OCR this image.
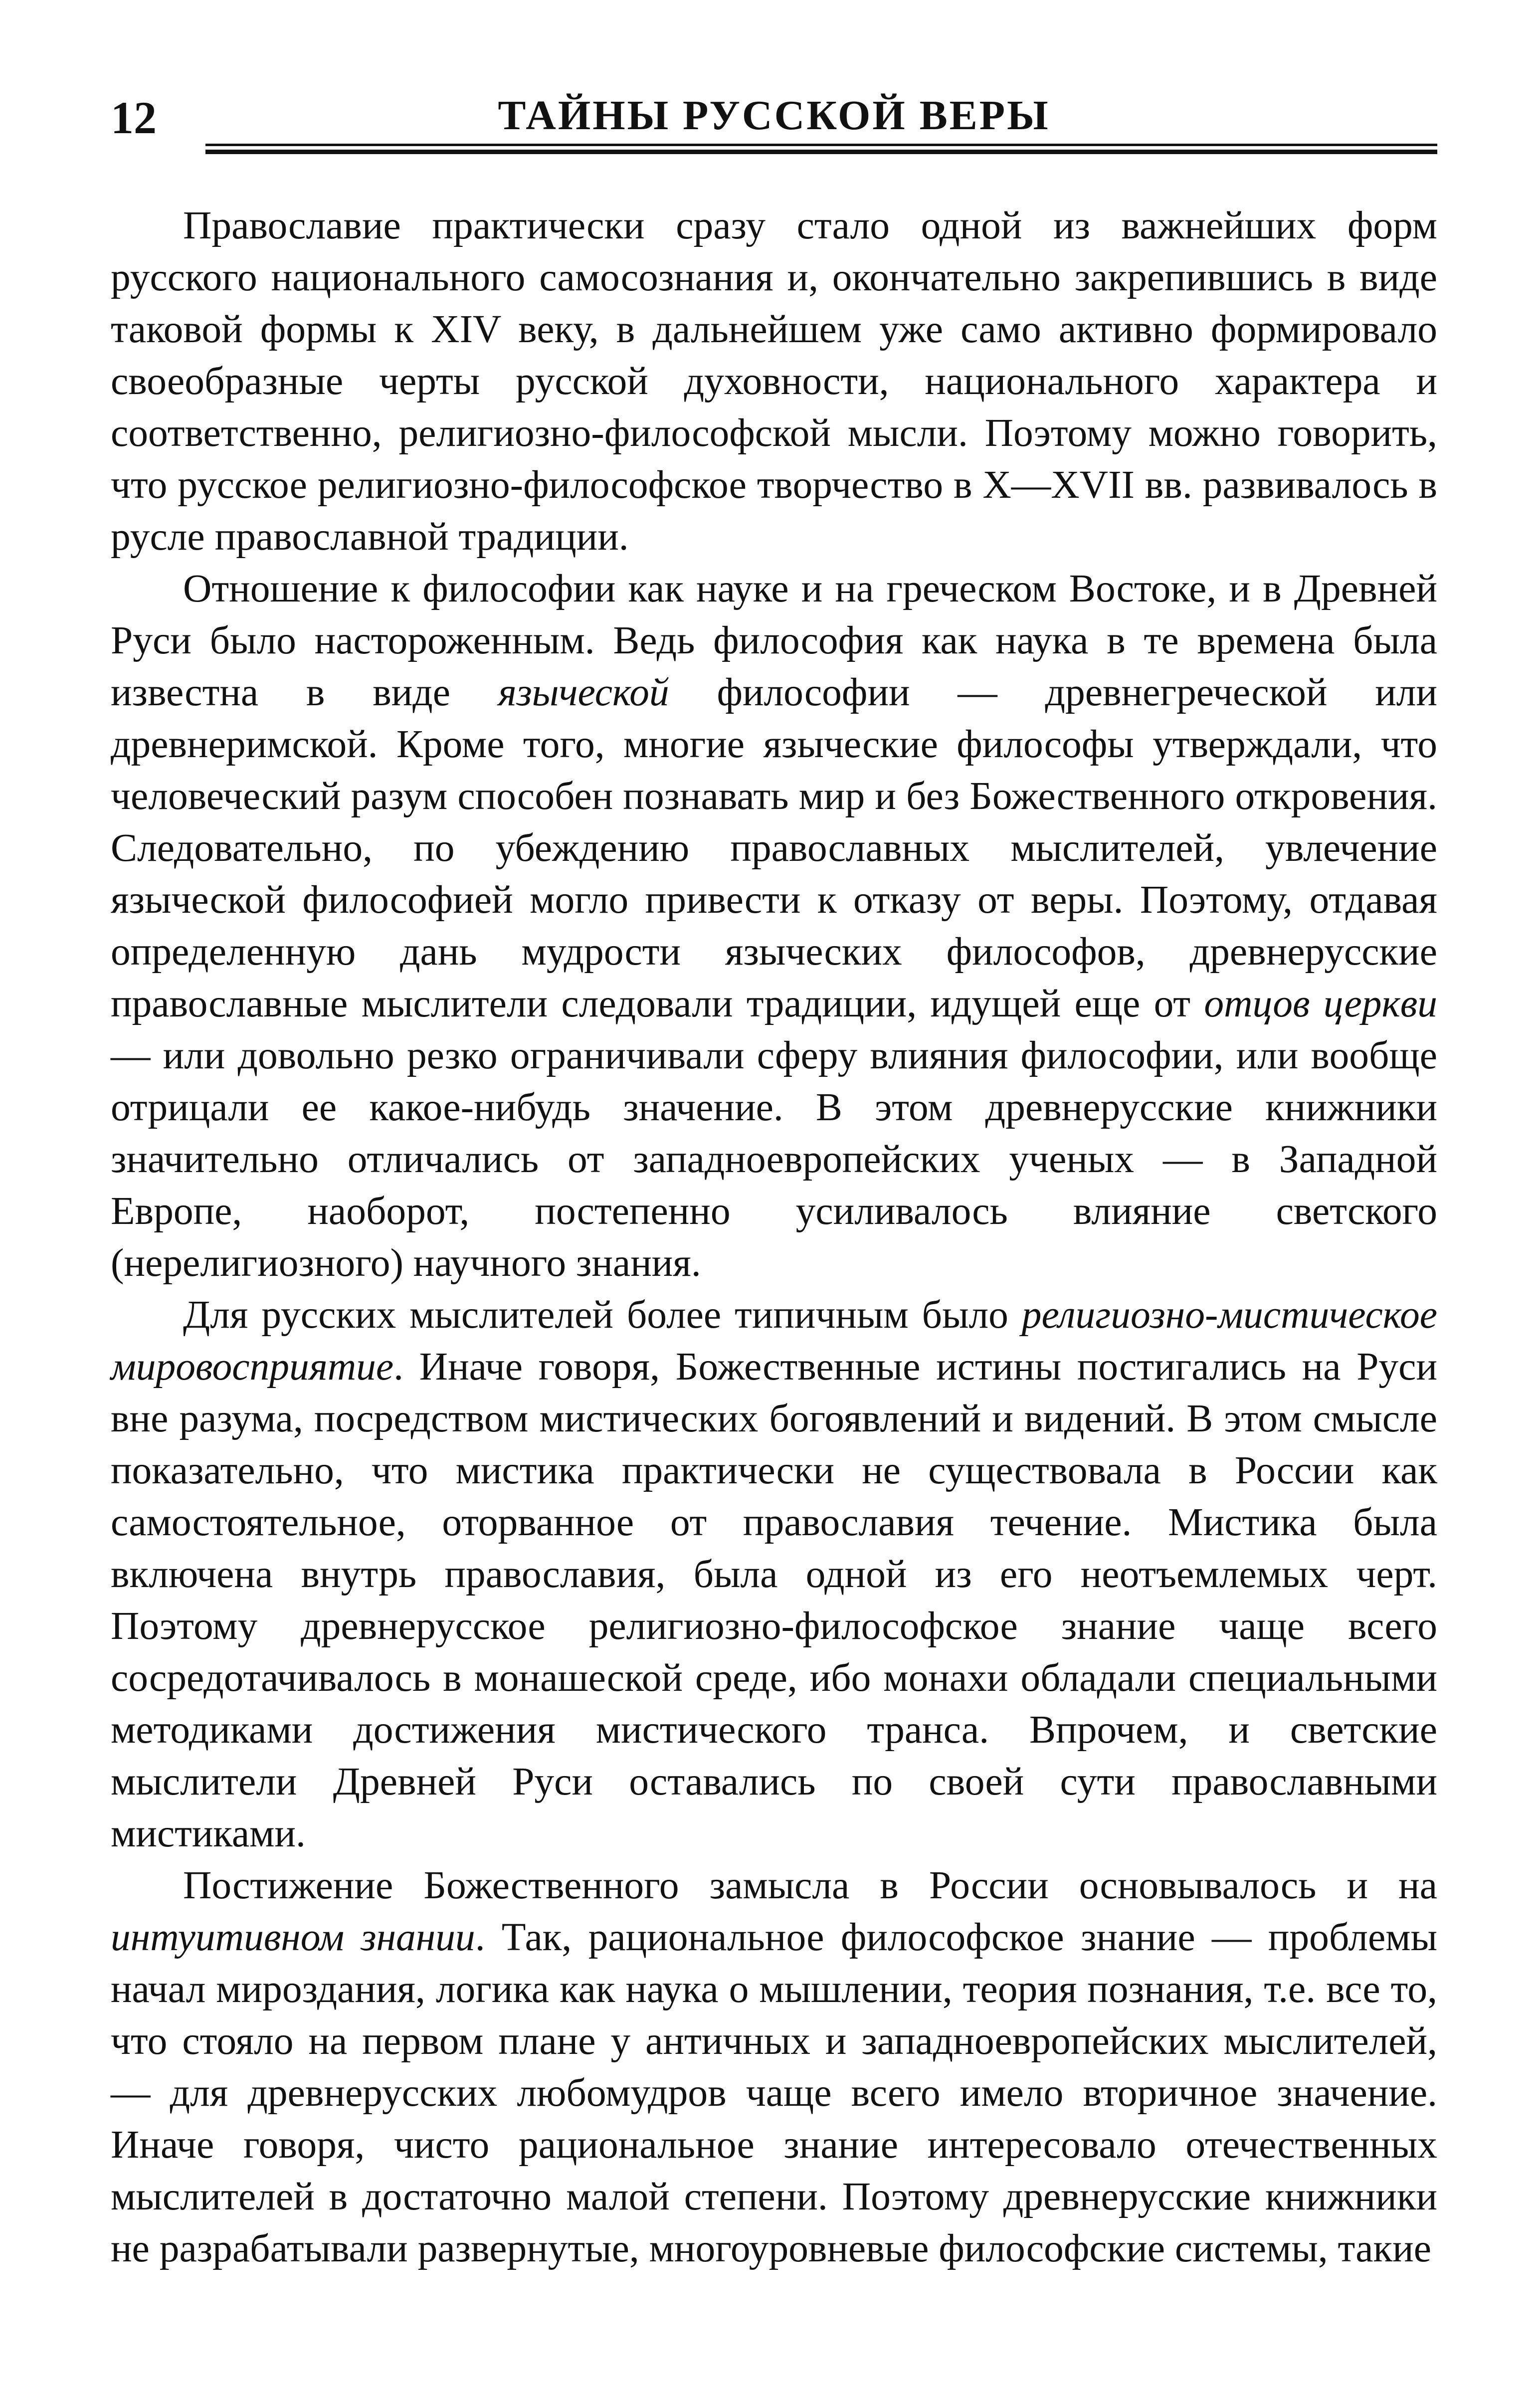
12	ТАЙНЫ РУССКОЙ ВЕРЫ

Православие практически сразу стало одной из важнейших форм русского национального самосознания и, окончательно закрепившись в виде таковой формы к XIV веку, в дальнейшем уже само активно формировало своеобразные черты русской духовности, национального характера и соответственно, религиозно-философской мысли. Поэтому можно говорить, что русское религиозно-философское творчество в X—XVII вв. развивалось в русле православной традиции.

Отношение к философии как науке и на греческом Востоке, и в Древней Руси было настороженным. Ведь философия как наука в те времена была известна в виде языческой философии — древнегреческой или древнеримской. Кроме того, многие языческие философы утверждали, что человеческий разум способен познавать мир и без Божественного откровения. Следовательно, по убеждению православных мыслителей, увлечение языческой философией могло привести к отказу от веры. Поэтому, отдавая определенную дань мудрости языческих философов, древнерусские православные мыслители следовали традиции, идущей еще от отцов церкви — или довольно резко ограничивали сферу влияния философии, или вообще отрицали ее какое-нибудь значение. В этом древнерусские книжники значительно отличались от западноевропейских ученых — в Западной Европе, наоборот, постепенно усиливалось влияние светского (нерелигиозного) научного знания.

Для русских мыслителей более типичным было религиозно-мистическое мировосприятие. Иначе говоря, Божественные истины постигались на Руси вне разума, посредством мистических богоявлений и видений. В этом смысле показательно, что мистика практически не существовала в России как самостоятельное, оторванное от православия течение. Мистика была включена внутрь православия, была одной из его неотъемлемых черт. Поэтому древнерусское религиозно-философское знание чаще всего сосредотачивалось в монашеской среде, ибо монахи обладали специальными методиками достижения мистического транса. Впрочем, и светские мыслители Древней Руси оставались по своей сути православными мистиками.

Постижение Божественного замысла в России основывалось и на интуитивном знании. Так, рациональное философское знание — проблемы начал мироздания, логика как наука о мышлении, теория познания, т.е. все то, что стояло на первом плане у античных и западноевропейских мыслителей, — для древнерусских любомудров чаще всего имело вторичное значение. Иначе говоря, чисто рациональное знание интересовало отечественных мыслителей в достаточно малой степени. Поэтому древнерусские книжники не разрабатывали развернутые, многоуровневые философские системы, такие
